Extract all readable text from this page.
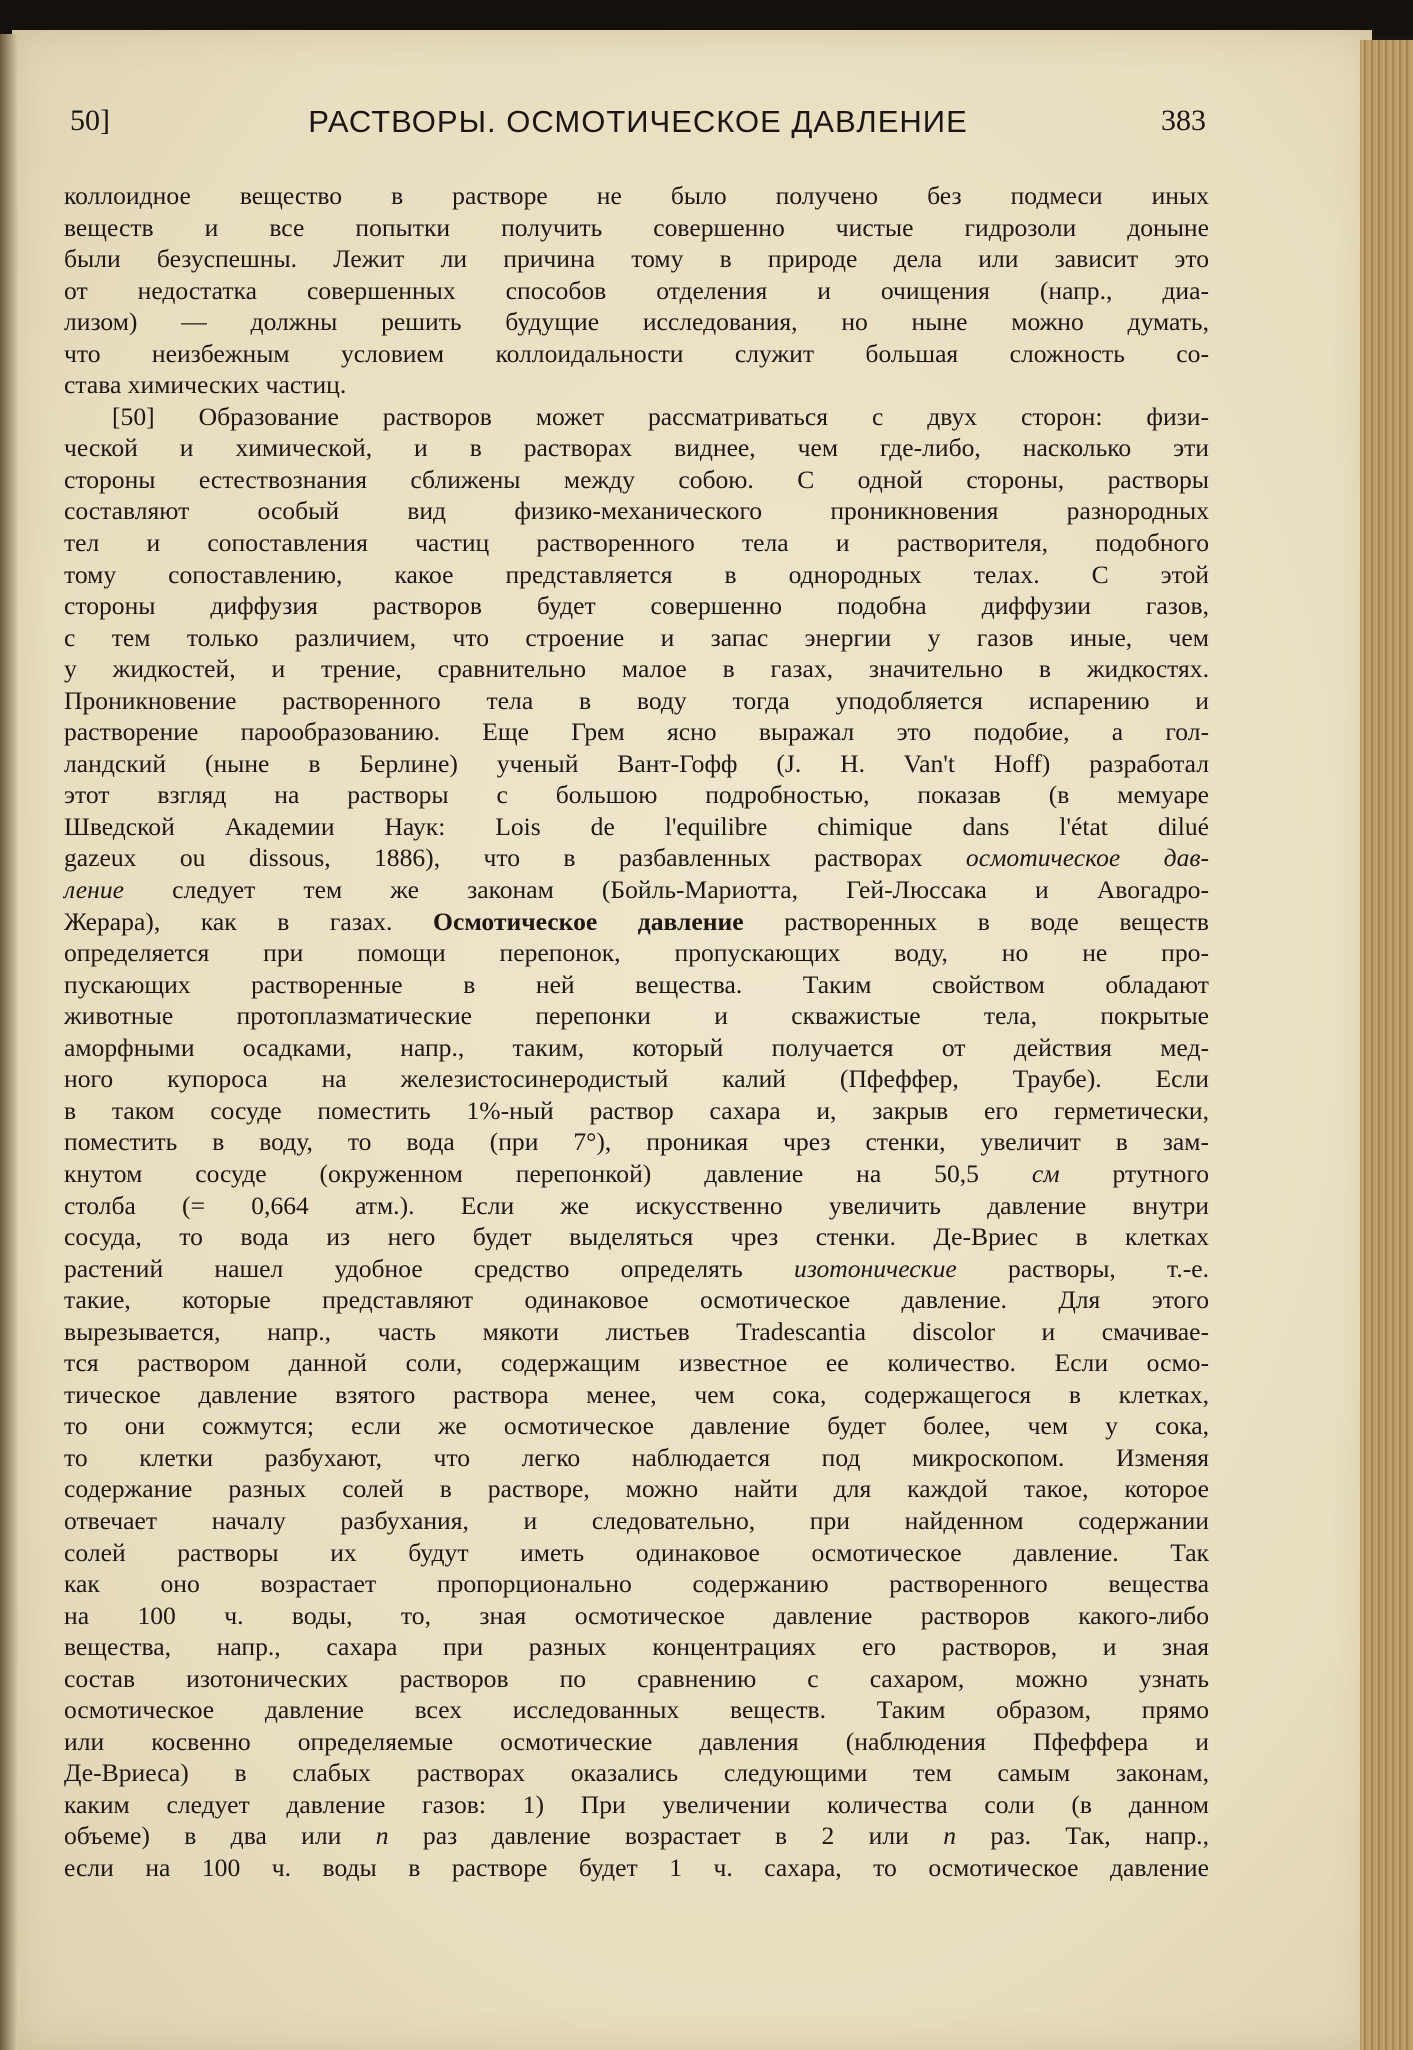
50]	РАСТВОРЫ. ОСМОТИЧЕСКОЕ ДАВЛЕНИЕ	383
коллоидное вещество в растворе не было получено без подмеси иных
веществ и все попытки получить совершенно чистые гидрозоли доныне
были безуспешны. Лежит ли причина тому в природе дела или зависит это
от недостатка совершенных способов отделения и очищения (напр., диа-
лизом) — должны решить будущие исследования, но ныне можно думать,
что неизбежным условием коллоидальности служит большая сложность со-
става химических частиц.
[50] Образование растворов может рассматриваться с двух сторон: физи-
ческой и химической, и в растворах виднее, чем где-либо, насколько эти
стороны естествознания сближены между собою. С одной стороны, растворы
составляют особый вид физико-механического проникновения разнородных
тел и сопоставления частиц растворенного тела и растворителя, подобного
тому сопоставлению, какое представляется в однородных телах. С этой
стороны диффузия растворов будет совершенно подобна диффузии газов,
с тем только различием, что строение и запас энергии у газов иные, чем
у жидкостей, и трение, сравнительно малое в газах, значительно в жидкостях.
Проникновение растворенного тела в воду тогда уподобляется испарению и
растворение парообразованию. Еще Грем ясно выражал это подобие, а гол-
ландский (ныне в Берлине) ученый Вант-Гофф (J. H. Van't Hoff) разработал
этот взгляд на растворы с большою подробностью, показав (в мемуаре
Шведской Академии Наук: Lois de l'equilibre chimique dans l'état dilué
gazeux ou dissous, 1886), что в разбавленных растворах осмотическое дав-
ление следует тем же законам (Бойль-Мариотта, Гей-Люссака и Авогадро-
Жерара), как в газах. Осмотическое давление растворенных в воде веществ
определяется при помощи перепонок, пропускающих воду, но не про-
пускающих растворенные в ней вещества. Таким свойством обладают
животные протоплазматические перепонки и скважистые тела, покрытые
аморфными осадками, напр., таким, который получается от действия мед-
ного купороса на железистосинеродистый калий (Пфеффер, Траубе). Если
в таком сосуде поместить 1%-ный раствор сахара и, закрыв его герметически,
поместить в воду, то вода (при 7°), проникая чрез стенки, увеличит в зам-
кнутом сосуде (окруженном перепонкой) давление на 50,5 см ртутного
столба (= 0,664 атм.). Если же искусственно увеличить давление внутри
сосуда, то вода из него будет выделяться чрез стенки. Де-Вриес в клетках
растений нашел удобное средство определять изотонические растворы, т.-е.
такие, которые представляют одинаковое осмотическое давление. Для этого
вырезывается, напр., часть мякоти листьев Tradescantia discolor и смачивае-
тся раствором данной соли, содержащим известное ее количество. Если осмо-
тическое давление взятого раствора менее, чем сока, содержащегося в клетках,
то они сожмутся; если же осмотическое давление будет более, чем у сока,
то клетки разбухают, что легко наблюдается под микроскопом. Изменяя
содержание разных солей в растворе, можно найти для каждой такое, которое
отвечает началу разбухания, и следовательно, при найденном содержании
солей растворы их будут иметь одинаковое осмотическое давление. Так
как оно возрастает пропорционально содержанию растворенного вещества
на 100 ч. воды, то, зная осмотическое давление растворов какого-либо
вещества, напр., сахара при разных концентрациях его растворов, и зная
состав изотонических растворов по сравнению с сахаром, можно узнать
осмотическое давление всех исследованных веществ. Таким образом, прямо
или косвенно определяемые осмотические давления (наблюдения Пфеффера и
Де-Вриеса) в слабых растворах оказались следующими тем самым законам,
каким следует давление газов: 1) При увеличении количества соли (в данном
объеме) в два или n раз давление возрастает в 2 или n раз. Так, напр.,
если на 100 ч. воды в растворе будет 1 ч. сахара, то осмотическое давление
